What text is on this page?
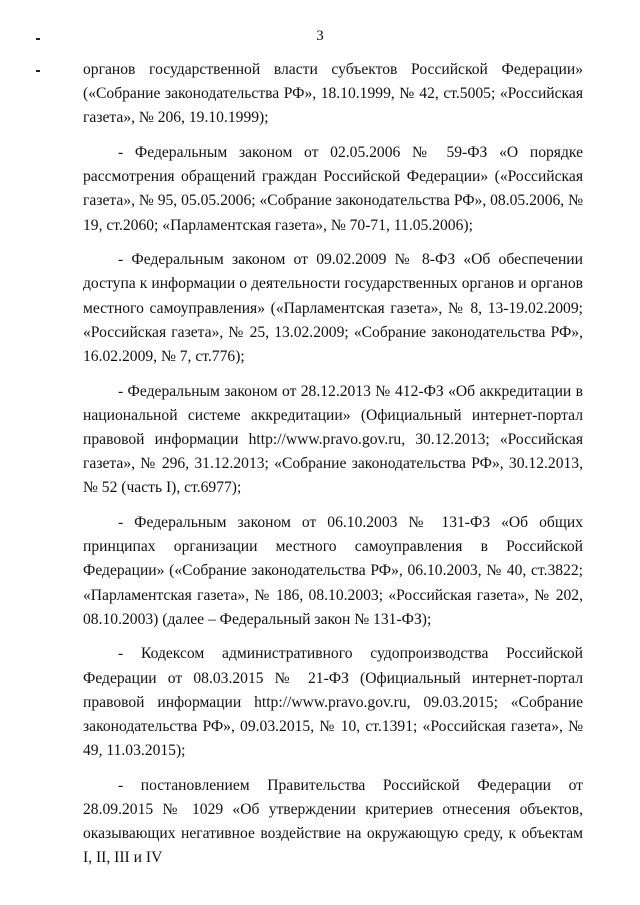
3

органов государственной власти субъектов Российской Федерации» («Собрание законодательства РФ», 18.10.1999, № 42, ст.5005; «Российская газета», № 206, 19.10.1999);

- Федеральным законом от 02.05.2006 № 59-ФЗ «О порядке рассмотрения обращений граждан Российской Федерации» («Российская газета», № 95, 05.05.2006; «Собрание законодательства РФ», 08.05.2006, № 19, ст.2060; «Парламентская газета», № 70-71, 11.05.2006);

- Федеральным законом от 09.02.2009 № 8-ФЗ «Об обеспечении доступа к информации о деятельности государственных органов и органов местного самоуправления» («Парламентская газета», № 8, 13-19.02.2009; «Российская газета», № 25, 13.02.2009; «Собрание законодательства РФ», 16.02.2009, № 7, ст.776);

- Федеральным законом от 28.12.2013 № 412-ФЗ «Об аккредитации в национальной системе аккредитации» (Официальный интернет-портал правовой информации http://www.pravo.gov.ru, 30.12.2013; «Российская газета», № 296, 31.12.2013; «Собрание законодательства РФ», 30.12.2013, № 52 (часть I), ст.6977);

- Федеральным законом от 06.10.2003 № 131-ФЗ «Об общих принципах организации местного самоуправления в Российской Федерации» («Собрание законодательства РФ», 06.10.2003, № 40, ст.3822; «Парламентская газета», № 186, 08.10.2003; «Российская газета», № 202, 08.10.2003) (далее – Федеральный закон № 131-ФЗ);

- Кодексом административного судопроизводства Российской Федерации от 08.03.2015 № 21-ФЗ (Официальный интернет-портал правовой информации http://www.pravo.gov.ru, 09.03.2015; «Собрание законодательства РФ», 09.03.2015, № 10, ст.1391; «Российская газета», № 49, 11.03.2015);

- постановлением Правительства Российской Федерации от 28.09.2015 № 1029 «Об утверждении критериев отнесения объектов, оказывающих негативное воздействие на окружающую среду, к объектам I, II, III и IV
